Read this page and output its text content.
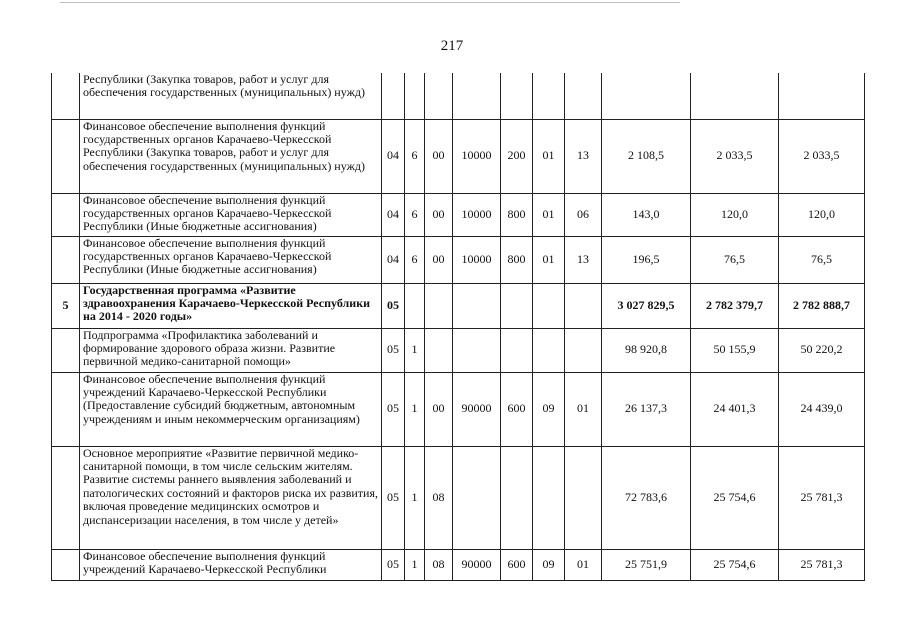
217
	Республики (Закупка товаров, работ и услуг для обеспечения государственных (муниципальных) нужд)										
	Финансовое обеспечение выполнения функций государственных органов Карачаево-Черкесской Республики (Закупка товаров, работ и услуг для обеспечения государственных (муниципальных) нужд)	04	6	00	10000	200	01	13	2 108,5	2 033,5	2 033,5
	Финансовое обеспечение выполнения функций государственных органов Карачаево-Черкесской Республики (Иные бюджетные ассигнования)	04	6	00	10000	800	01	06	143,0	120,0	120,0
	Финансовое обеспечение выполнения функций государственных органов Карачаево-Черкесской Республики (Иные бюджетные ассигнования)	04	6	00	10000	800	01	13	196,5	76,5	76,5
5	Государственная программа «Развитие здравоохранения Карачаево-Черкесской Республики на 2014 - 2020 годы»	05							3 027 829,5	2 782 379,7	2 782 888,7
	Подпрограмма «Профилактика заболеваний и формирование здорового образа жизни. Развитие первичной медико-санитарной помощи»	05	1						98 920,8	50 155,9	50 220,2
	Финансовое обеспечение выполнения функций учреждений Карачаево-Черкесской Республики (Предоставление субсидий бюджетным, автономным учреждениям и иным некоммерческим организациям)	05	1	00	90000	600	09	01	26 137,3	24 401,3	24 439,0
	Основное мероприятие «Развитие первичной медико-санитарной помощи, в том числе сельским жителям. Развитие системы раннего выявления заболеваний и патологических состояний и факторов риска их развития, включая проведение медицинских осмотров и диспансеризации населения, в том числе у детей»	05	1	08					72 783,6	25 754,6	25 781,3
	Финансовое обеспечение выполнения функций учреждений Карачаево-Черкесской Республики	05	1	08	90000	600	09	01	25 751,9	25 754,6	25 781,3
